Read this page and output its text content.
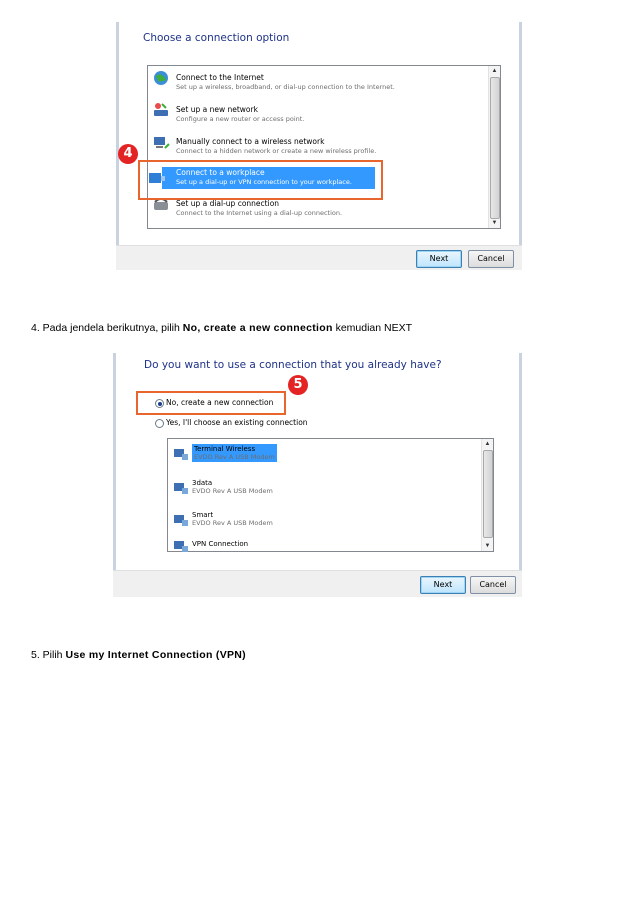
Choose a connection option
▲
▼
Connect to the Internet
Set up a wireless, broadband, or dial-up connection to the Internet.
Set up a new network
Configure a new router or access point.
Manually connect to a wireless network
Connect to a hidden network or create a new wireless profile.
Connect to a workplace
Set up a dial-up or VPN connection to your workplace.
Set up a dial-up connection
Connect to the Internet using a dial-up connection.
4
Next	Cancel
4. Pada jendela berikutnya, pilih No, create a new connection kemudian NEXT
Do you want to use a connection that you already have?
5
No, create a new connection
Yes, I'll choose an existing connection
▲
▼
Terminal Wireless
EVDO Rev A USB Modem
3data
EVDO Rev A USB Modem
Smart
EVDO Rev A USB Modem
VPN Connection
Next	Cancel
5. Pilih Use my Internet Connection (VPN)
